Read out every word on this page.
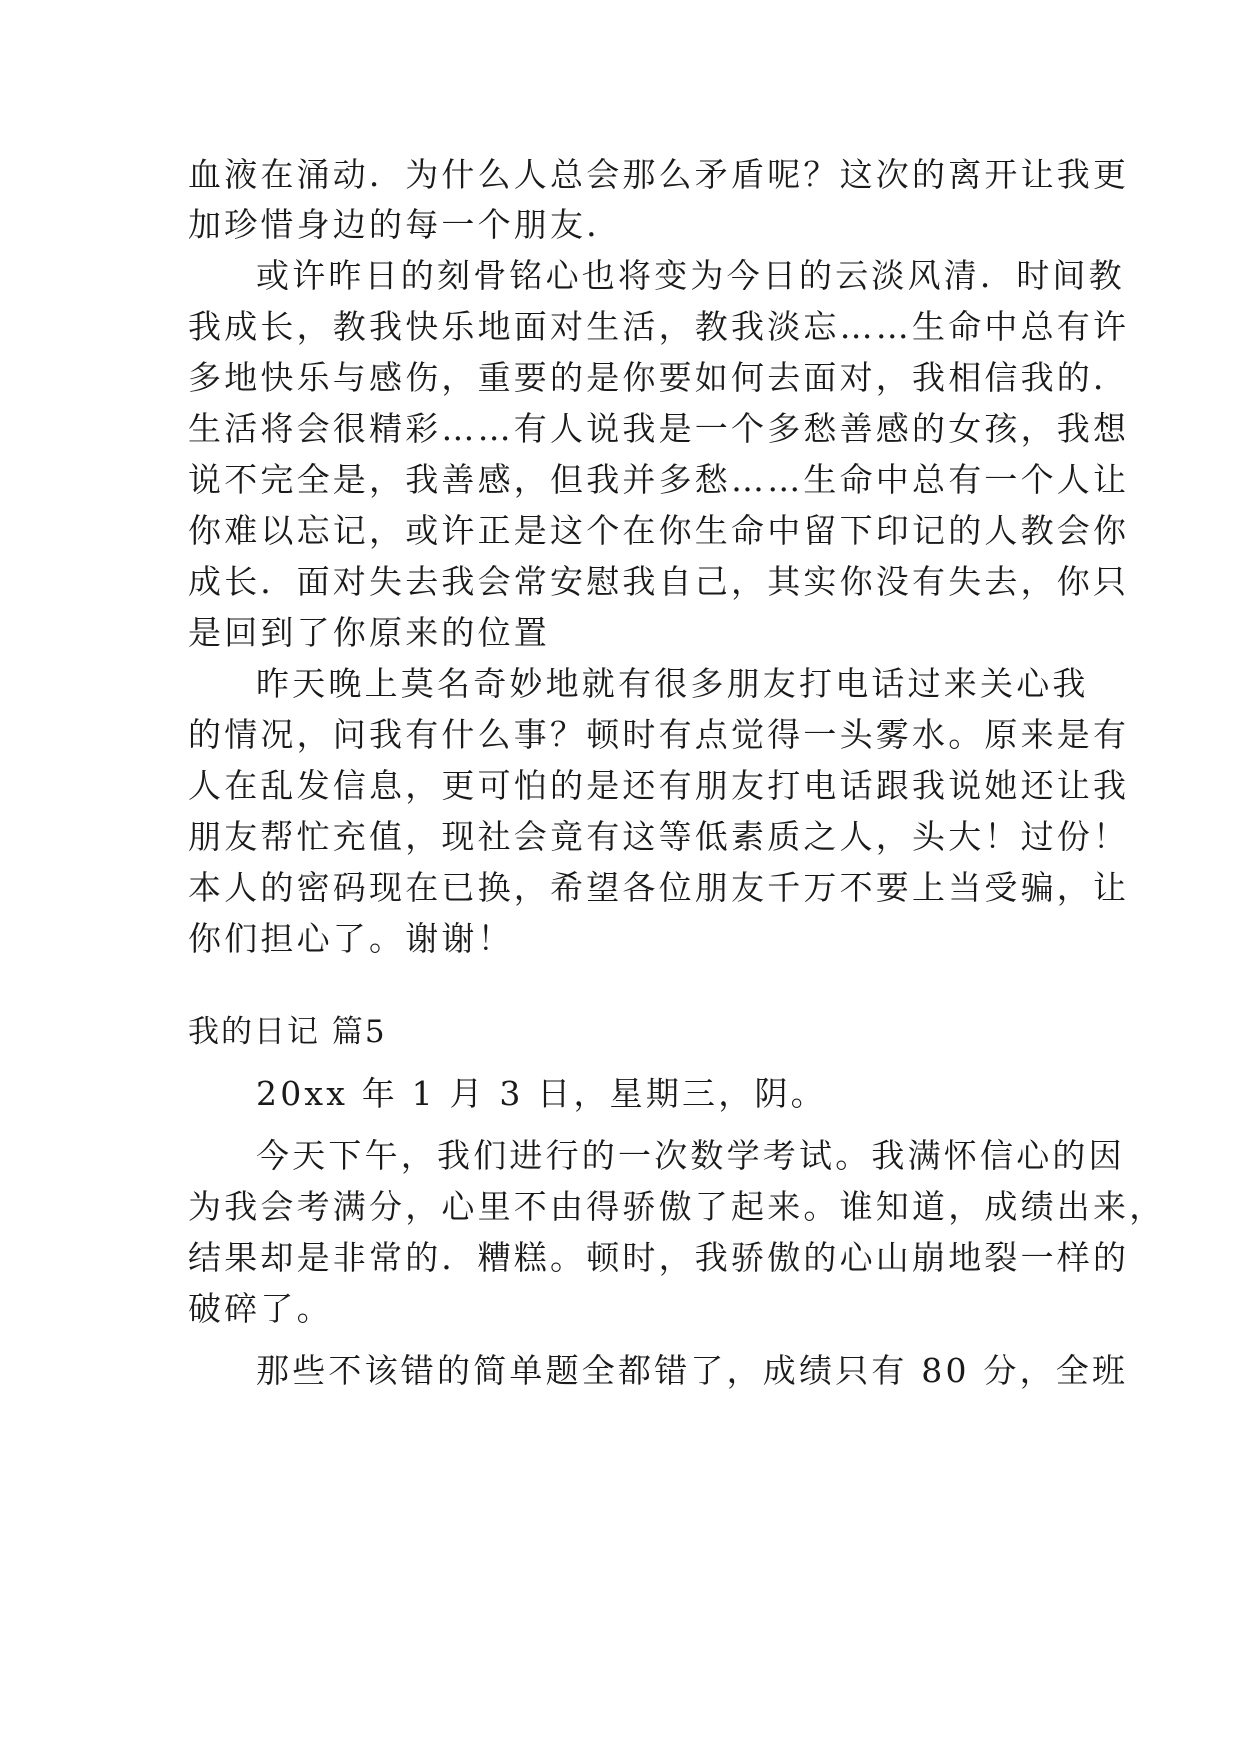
血液在涌动．为什么人总会那么矛盾呢？这次的离开让我更
加珍惜身边的每一个朋友．
或许昨日的刻骨铭心也将变为今日的云淡风清．时间教
我成长，教我快乐地面对生活，教我淡忘……生命中总有许
多地快乐与感伤，重要的是你要如何去面对，我相信我的．
生活将会很精彩……有人说我是一个多愁善感的女孩，我想
说不完全是，我善感，但我并多愁……生命中总有一个人让
你难以忘记，或许正是这个在你生命中留下印记的人教会你
成长．面对失去我会常安慰我自己，其实你没有失去，你只
是回到了你原来的位置
昨天晚上莫名奇妙地就有很多朋友打电话过来关心我
的情况，问我有什么事？顿时有点觉得一头雾水。原来是有
人在乱发信息，更可怕的是还有朋友打电话跟我说她还让我
朋友帮忙充值，现社会竟有这等低素质之人，头大！过份！
本人的密码现在已换，希望各位朋友千万不要上当受骗，让
你们担心了。谢谢！
我的日记 篇5
20xx 年 1 月 3 日，星期三，阴。
今天下午，我们进行的一次数学考试。我满怀信心的因
为我会考满分，心里不由得骄傲了起来。谁知道，成绩出来，
结果却是非常的．糟糕。顿时，我骄傲的心山崩地裂一样的
破碎了。
那些不该错的简单题全都错了，成绩只有 80 分，全班
